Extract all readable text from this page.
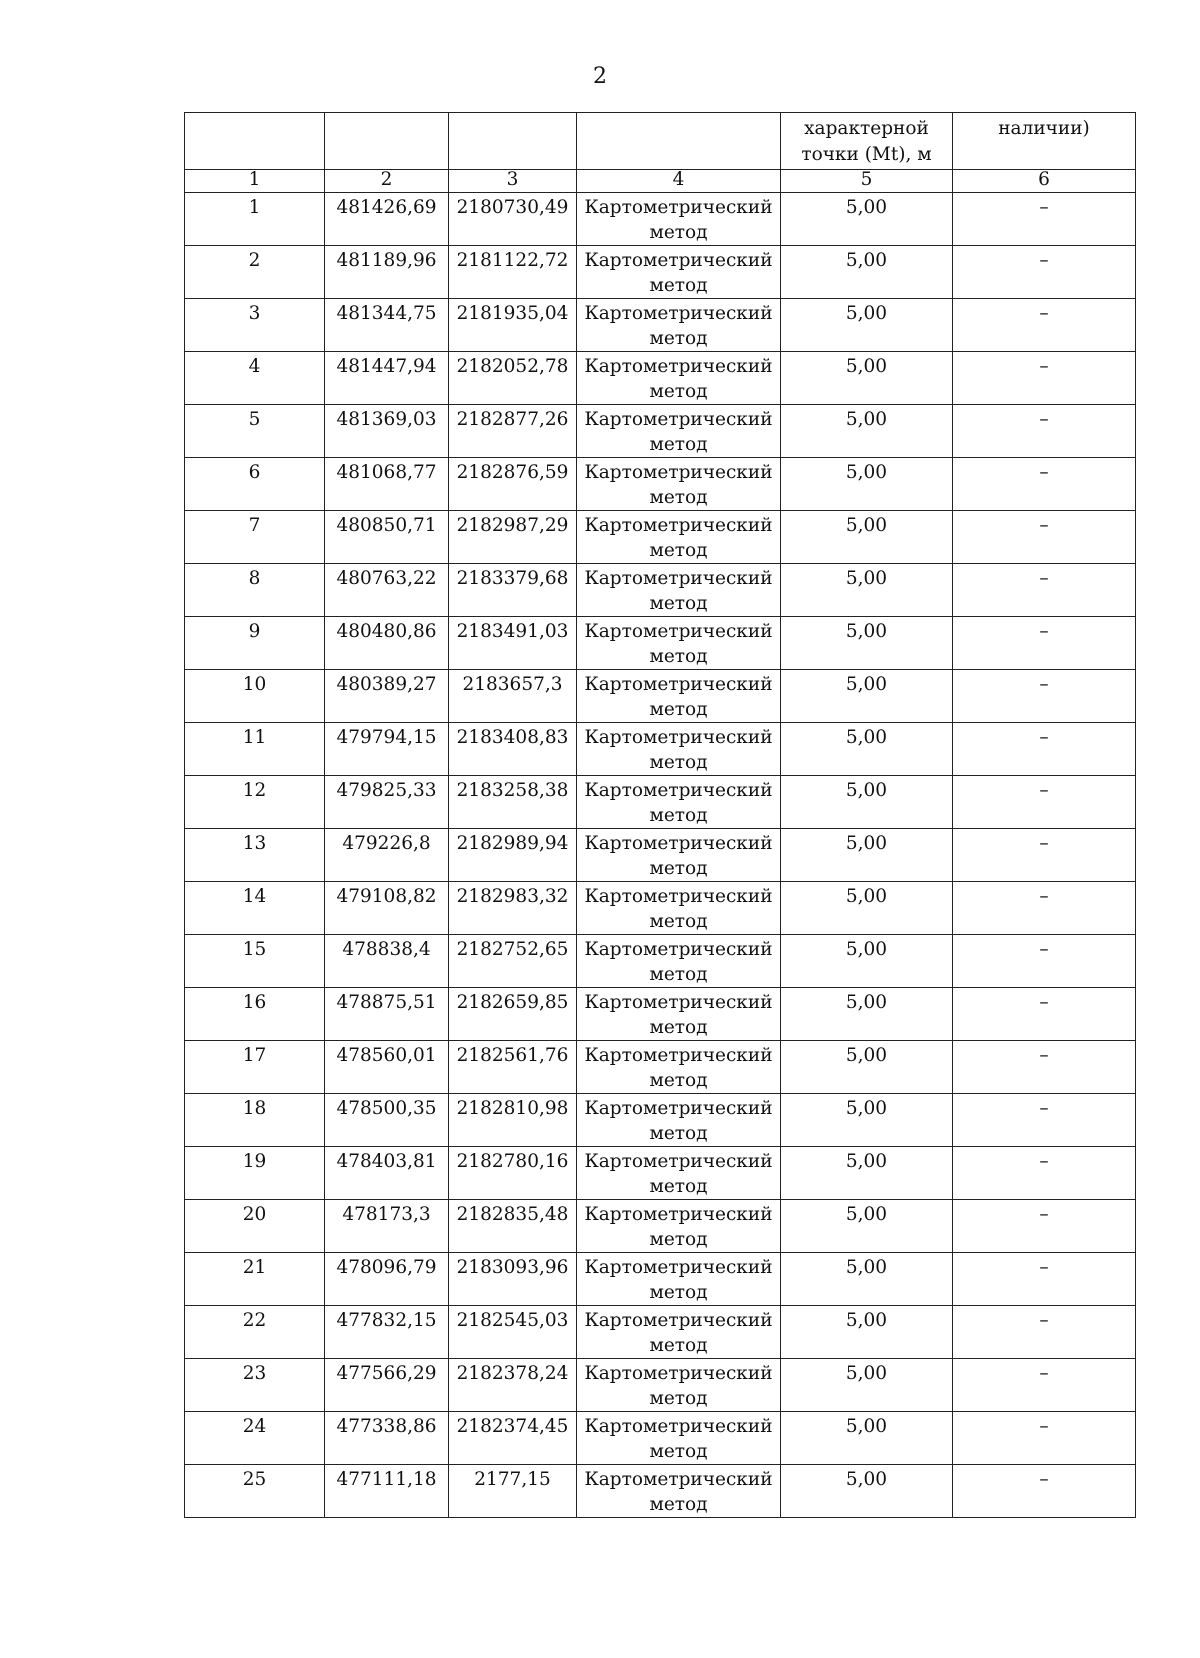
2

				характерной точки (Mt), м	наличии)

1	2	3	4	5	6

1	481426,69	2180730,49	Картометрический метод	5,00	–

2	481189,96	2181122,72	Картометрический метод	5,00	–

3	481344,75	2181935,04	Картометрический метод	5,00	–

4	481447,94	2182052,78	Картометрический метод	5,00	–

5	481369,03	2182877,26	Картометрический метод	5,00	–

6	481068,77	2182876,59	Картометрический метод	5,00	–

7	480850,71	2182987,29	Картометрический метод	5,00	–

8	480763,22	2183379,68	Картометрический метод	5,00	–

9	480480,86	2183491,03	Картометрический метод	5,00	–

10	480389,27	2183657,3	Картометрический метод	5,00	–

11	479794,15	2183408,83	Картометрический метод	5,00	–

12	479825,33	2183258,38	Картометрический метод	5,00	–

13	479226,8	2182989,94	Картометрический метод	5,00	–

14	479108,82	2182983,32	Картометрический метод	5,00	–

15	478838,4	2182752,65	Картометрический метод	5,00	–

16	478875,51	2182659,85	Картометрический метод	5,00	–

17	478560,01	2182561,76	Картометрический метод	5,00	–

18	478500,35	2182810,98	Картометрический метод	5,00	–

19	478403,81	2182780,16	Картометрический метод	5,00	–

20	478173,3	2182835,48	Картометрический метод	5,00	–

21	478096,79	2183093,96	Картометрический метод	5,00	–

22	477832,15	2182545,03	Картометрический метод	5,00	–

23	477566,29	2182378,24	Картометрический метод	5,00	–

24	477338,86	2182374,45	Картометрический метод	5,00	–

25	477111,18	2177,15	Картометрический метод	5,00	–
